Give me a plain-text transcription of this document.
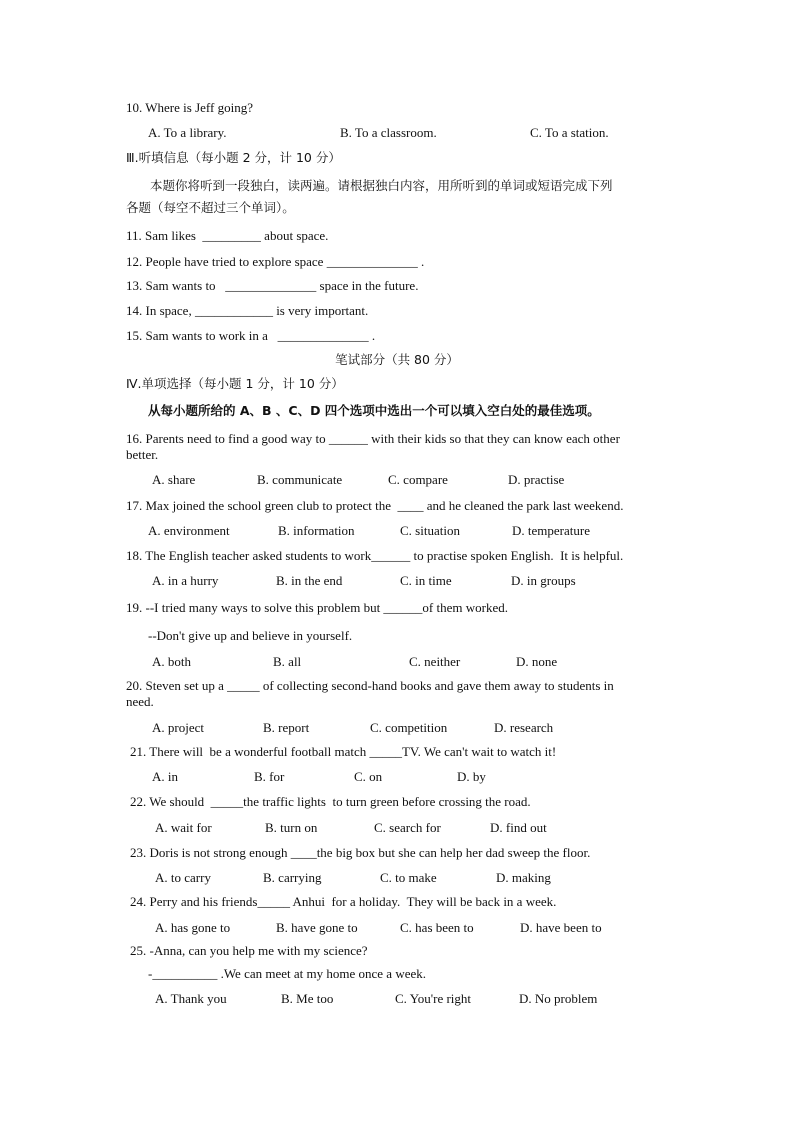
10. Where is Jeff going?
A. To a library.	B. To a classroom.	C. To a station.
Ⅲ.听填信息（每小题 2 分，计 10 分）
本题你将听到一段独白，读两遍。请根据独白内容，用所听到的单词或短语完成下列
各题（每空不超过三个单词）。
11. Sam likes  _________ about space.
12. People have tried to explore space ______________ .
13. Sam wants to   ______________ space in the future.
14. In space, ____________ is very important.
15. Sam wants to work in a   ______________ .
笔试部分（共 80 分）
Ⅳ.单项选择（每小题 1 分，计 10 分）
从每小题所给的 A、B 、C、D 四个选项中选出一个可以填入空白处的最佳选项。
16. Parents need to find a good way to ______ with their kids so that they can know each other
better.
A. share	B. communicate	C. compare	D. practise
17. Max joined the school green club to protect the  ____ and he cleaned the park last weekend.
A. environment	B. information	C. situation	D. temperature
18. The English teacher asked students to work______ to practise spoken English.  It is helpful.
A. in a hurry	B. in the end	C. in time	D. in groups
19. --I tried many ways to solve this problem but ______of them worked.
--Don't give up and believe in yourself.
A. both	B. all	C. neither	D. none
20. Steven set up a _____ of collecting second-hand books and gave them away to students in
need.
A. project	B. report	C. competition	D. research
21. There will  be a wonderful football match _____TV. We can't wait to watch it!
A. in	B. for	C. on	D. by
22. We should  _____the traffic lights  to turn green before crossing the road.
A. wait for	B. turn on	C. search for	D. find out
23. Doris is not strong enough ____the big box but she can help her dad sweep the floor.
A. to carry	B. carrying	C. to make	D. making
24. Perry and his friends_____ Anhui  for a holiday.  They will be back in a week.
A. has gone to	B. have gone to	C. has been to	D. have been to
25. -Anna, can you help me with my science?
-__________ .We can meet at my home once a week.
A. Thank you	B. Me too	C. You're right	D. No problem
